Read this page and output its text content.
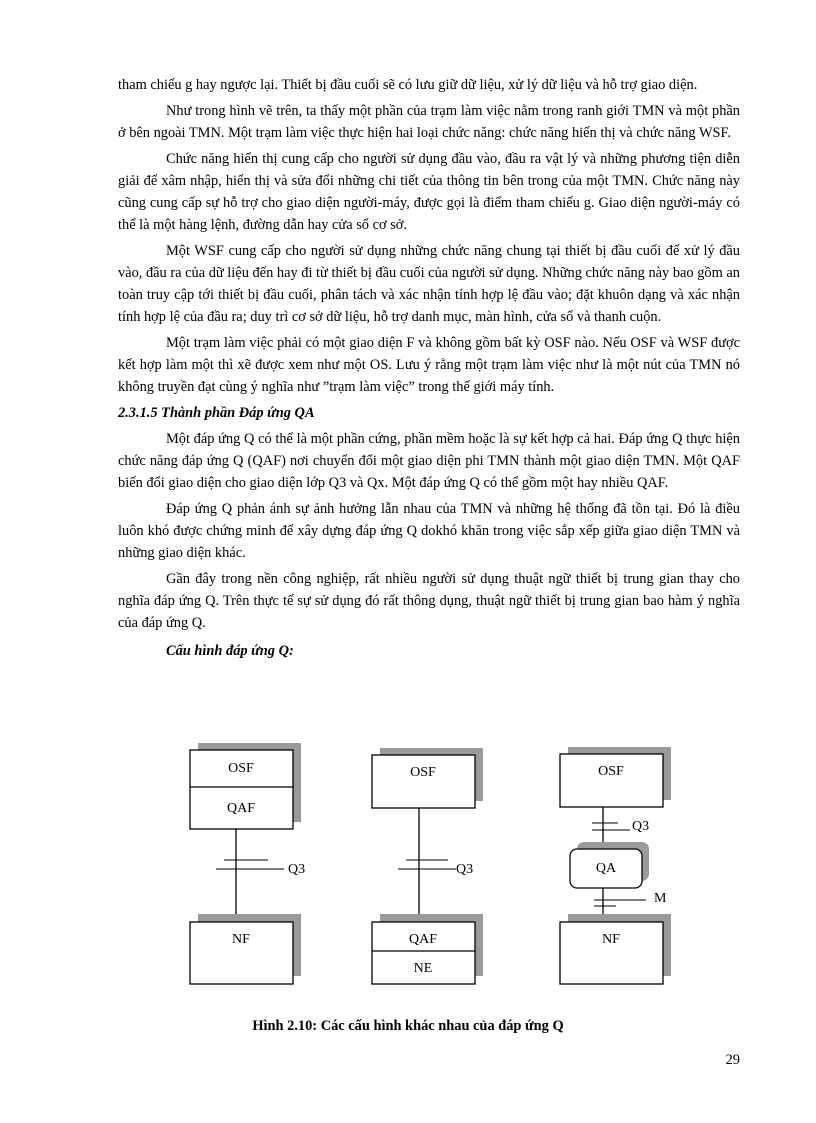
tham chiếu g hay ngược lại. Thiết bị đầu cuối sẽ có lưu giữ dữ liệu, xử lý dữ liệu và hỗ trợ giao diện.

Như trong hình vẽ trên, ta thấy một phần của trạm làm việc nằm trong ranh giới TMN và một phần ở bên ngoài TMN. Một trạm làm việc thực hiện hai loại chức năng: chức năng hiển thị và chức năng WSF.

Chức năng hiển thị cung cấp cho người sử dụng đầu vào, đầu ra vật lý và những phương tiện diễn giải để xâm nhập, hiển thị và sửa đổi những chi tiết của thông tin bên trong của một TMN. Chức năng này cũng cung cấp sự hỗ trợ cho giao diện người-máy, được gọi là điểm tham chiếu g. Giao diện người-máy có thể là một hàng lệnh, đường dẫn hay cửa sổ cơ sở.

Một WSF cung cấp cho người sử dụng những chức năng chung tại thiết bị đầu cuối để xử lý đầu vào, đầu ra của dữ liệu đến hay đi từ thiết bị đầu cuối của người sử dụng. Những chức năng này bao gồm an toàn truy cập tới thiết bị đầu cuối, phân tách và xác nhận tính hợp lệ đầu vào; đặt khuôn dạng và xác nhận tính hợp lệ của đầu ra; duy trì cơ sở dữ liệu, hỗ trợ danh mục, màn hình, cửa sổ và thanh cuộn.

Một trạm làm việc phải có một giao diện F và không gồm bất kỳ OSF nào. Nếu OSF và WSF được kết hợp làm một thì xẽ được xem như một OS. Lưu ý rằng một trạm làm việc như là một nút của TMN nó không truyền đạt cùng ý nghĩa như ”trạm làm việc” trong thế giới máy tính.

2.3.1.5 Thành phần Đáp ứng QA

Một đáp ứng Q có thể là một phần cứng, phần mềm hoặc là sự kết hợp cả hai. Đáp ứng Q thực hiện chức năng đáp ứng Q (QAF) nơi chuyển đổi một giao diện phi TMN thành một giao diện TMN. Một QAF biến đổi giao diện cho giao diện lớp Q3 và Qx. Một đáp ứng Q có thể gồm một hay nhiều QAF.

Đáp ứng Q phản ánh sự ảnh hưởng lẫn nhau của TMN và những hệ thống đã tồn tại. Đó là điều luôn khó được chứng minh để xây dựng đáp ứng Q dokhó khăn trong việc sắp xếp giữa giao diện TMN và những giao diện khác.

Gần đây trong nền công nghiệp, rất nhiều người sử dụng thuật ngữ thiết bị trung gian thay cho nghĩa đáp ứng Q. Trên thực tế sự sử dụng đó rất thông dụng, thuật ngữ thiết bị trung gian bao hàm ý nghĩa của đáp ứng Q.

Cấu hình đáp ứng Q:
OSF
QAF
Q3
NF
OSF
Q3
QAF
NE
OSF
Q3
QA
M
NF
Hình 2.10: Các cấu hình khác nhau của đáp ứng Q
29
